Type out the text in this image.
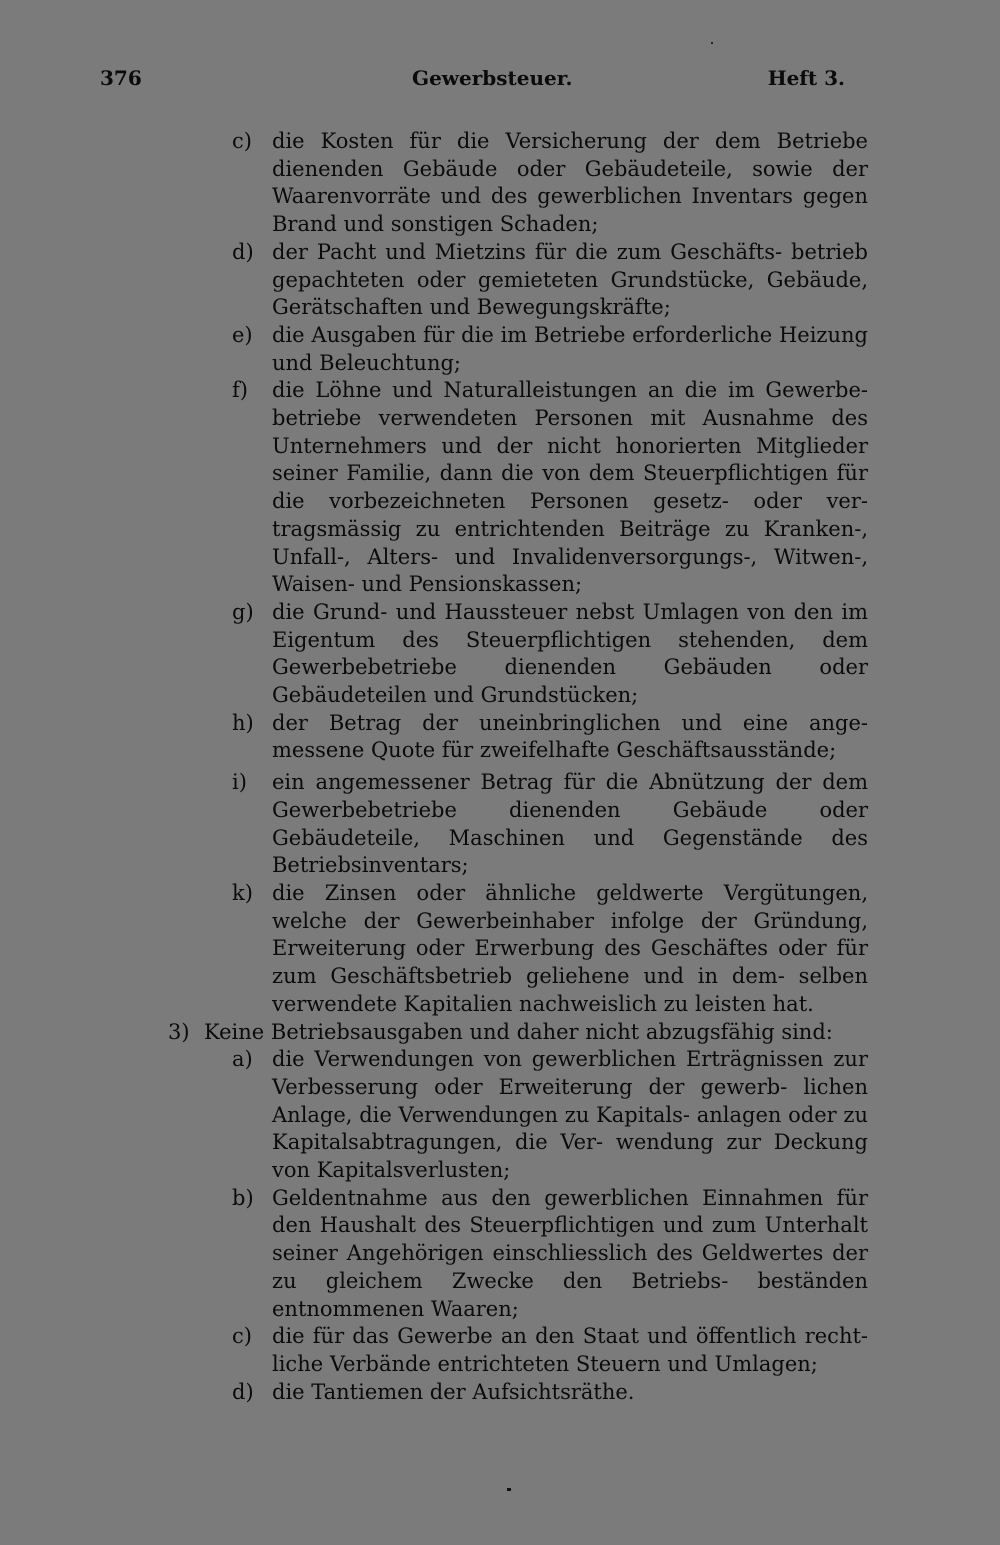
376	Gewerbsteuer.	Heft 3.
c) die Kosten für die Versicherung der dem Betriebe dienenden Gebäude oder Gebäudeteile, sowie der Waarenvorräte und des gewerblichen Inventars gegen Brand und sonstigen Schaden;
d) der Pacht und Mietzins für die zum Geschäfts- betrieb gepachteten oder gemieteten Grundstücke, Gebäude, Gerätschaften und Bewegungskräfte;
e) die Ausgaben für die im Betriebe erforderliche Heizung und Beleuchtung;
f) die Löhne und Naturalleistungen an die im Gewerbe- betriebe verwendeten Personen mit Ausnahme des Unternehmers und der nicht honorierten Mitglieder seiner Familie, dann die von dem Steuerpflichtigen für die vorbezeichneten Personen gesetz- oder ver- tragsmässig zu entrichtenden Beiträge zu Kranken-, Unfall-, Alters- und Invalidenversorgungs-, Witwen-, Waisen- und Pensionskassen;
g) die Grund- und Haussteuer nebst Umlagen von den im Eigentum des Steuerpflichtigen stehenden, dem Gewerbebetriebe dienenden Gebäuden oder Gebäudeteilen und Grundstücken;
h) der Betrag der uneinbringlichen und eine ange- messene Quote für zweifelhafte Geschäftsausstände;
i) ein angemessener Betrag für die Abnützung der dem Gewerbebetriebe dienenden Gebäude oder Gebäudeteile, Maschinen und Gegenstände des Betriebsinventars;
k) die Zinsen oder ähnliche geldwerte Vergütungen, welche der Gewerbeinhaber infolge der Gründung, Erweiterung oder Erwerbung des Geschäftes oder für zum Geschäftsbetrieb geliehene und in dem- selben verwendete Kapitalien nachweislich zu leisten hat.
3) Keine Betriebsausgaben und daher nicht abzugsfähig sind:
a) die Verwendungen von gewerblichen Erträgnissen zur Verbesserung oder Erweiterung der gewerb- lichen Anlage, die Verwendungen zu Kapitals- anlagen oder zu Kapitalsabtragungen, die Ver- wendung zur Deckung von Kapitalsverlusten;
b) Geldentnahme aus den gewerblichen Einnahmen für den Haushalt des Steuerpflichtigen und zum Unterhalt seiner Angehörigen einschliesslich des Geldwertes der zu gleichem Zwecke den Betriebs- beständen entnommenen Waaren;
c) die für das Gewerbe an den Staat und öffentlich recht- liche Verbände entrichteten Steuern und Umlagen;
d) die Tantiemen der Aufsichtsräthe.
